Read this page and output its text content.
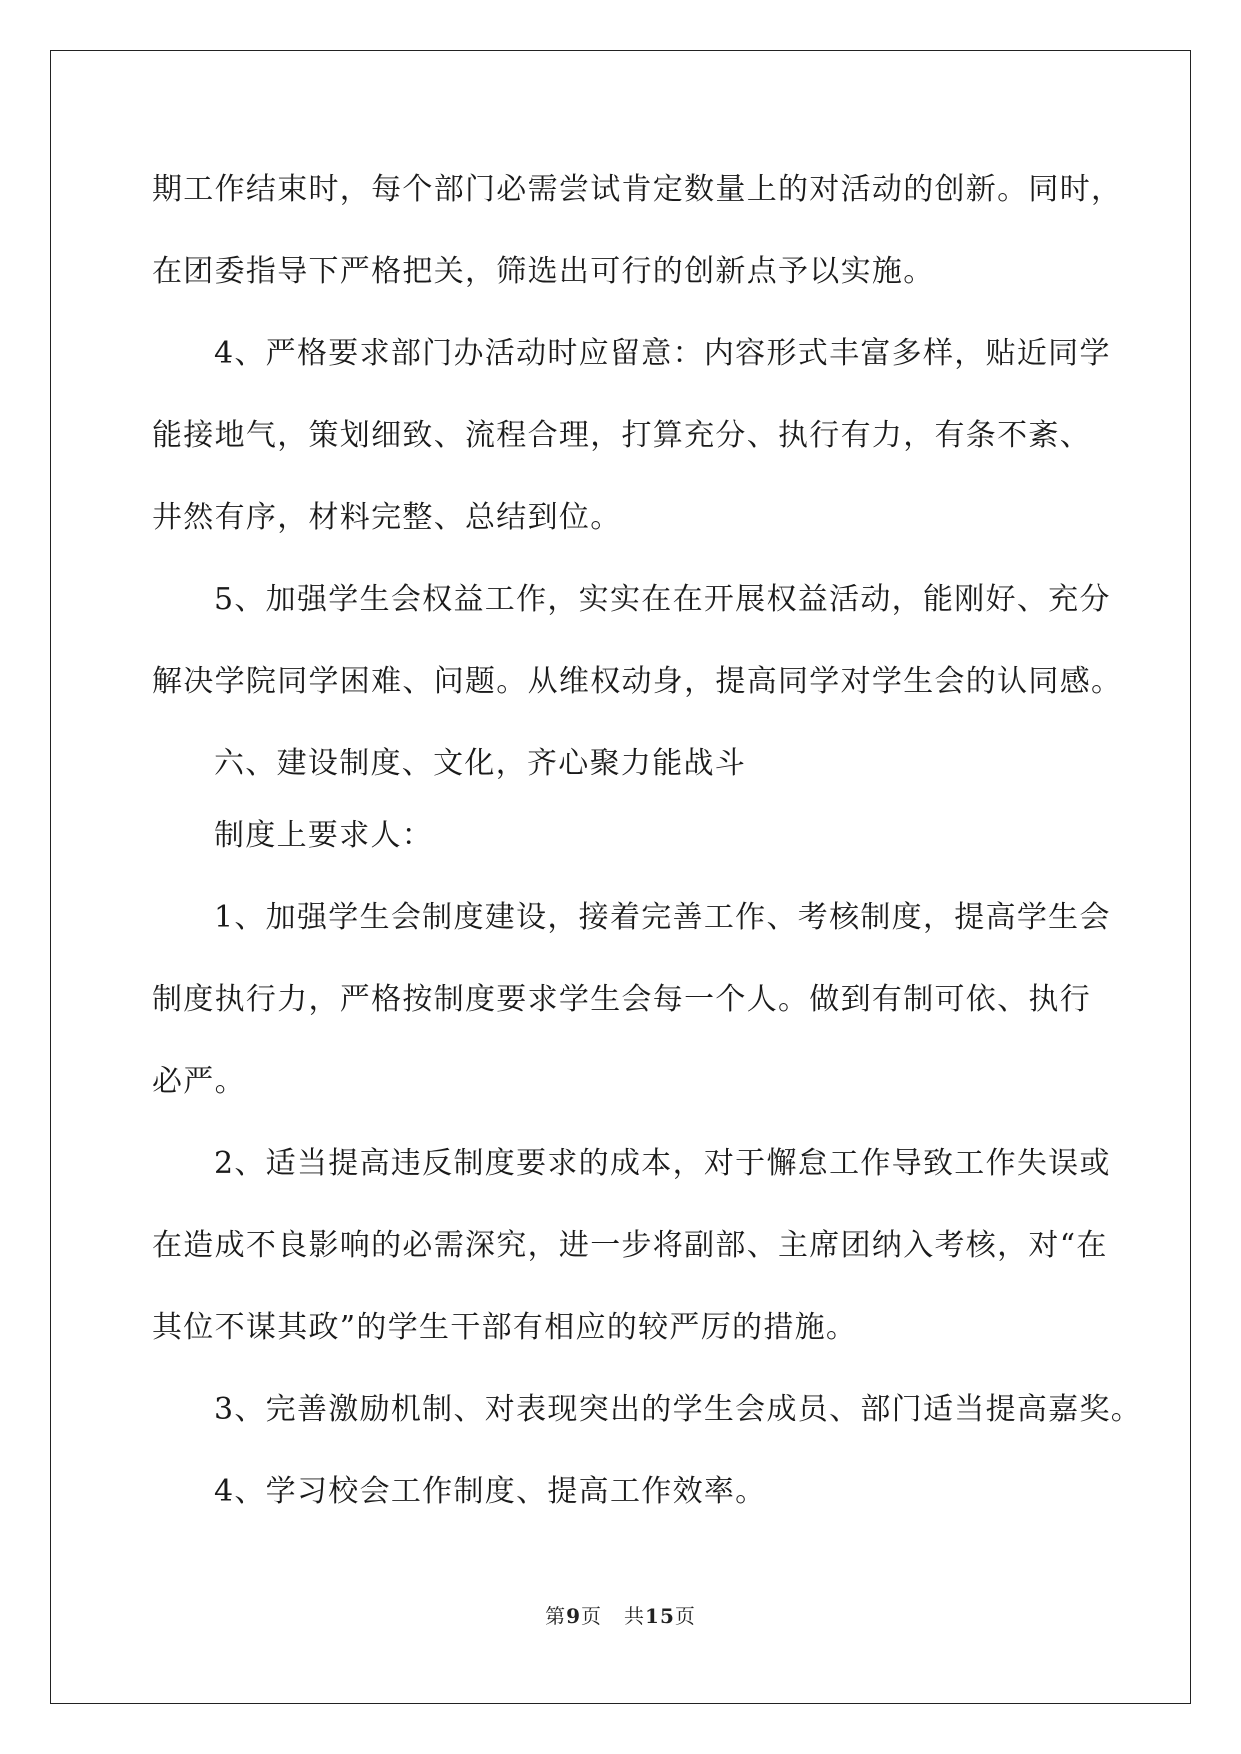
期工作结束时，每个部门必需尝试肯定数量上的对活动的创新。同时，
在团委指导下严格把关，筛选出可行的创新点予以实施。
4、严格要求部门办活动时应留意：内容形式丰富多样，贴近同学
能接地气，策划细致、流程合理，打算充分、执行有力，有条不紊、
井然有序，材料完整、总结到位。
5、加强学生会权益工作，实实在在开展权益活动，能刚好、充分
解决学院同学困难、问题。从维权动身，提高同学对学生会的认同感。
六、建设制度、文化，齐心聚力能战斗
制度上要求人：
1、加强学生会制度建设，接着完善工作、考核制度，提高学生会
制度执行力，严格按制度要求学生会每一个人。做到有制可依、执行
必严。
2、适当提高违反制度要求的成本，对于懈怠工作导致工作失误或
在造成不良影响的必需深究，进一步将副部、主席团纳入考核，对“在
其位不谋其政”的学生干部有相应的较严厉的措施。
3、完善激励机制、对表现突出的学生会成员、部门适当提高嘉奖。
4、学习校会工作制度、提高工作效率。
第9页 共15页
